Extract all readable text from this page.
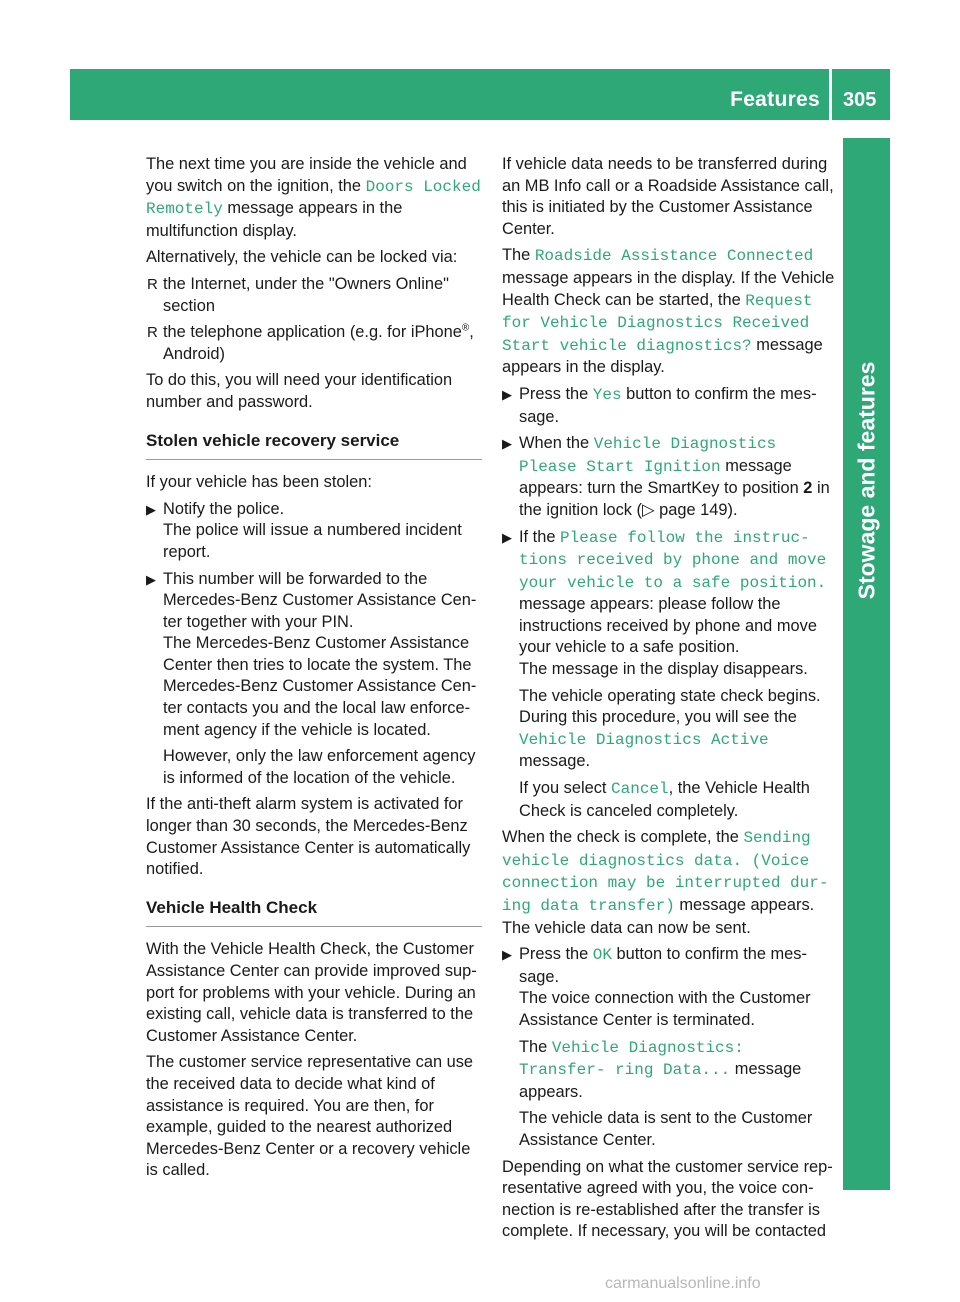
Features 305
Stowage and features

The next time you are inside the vehicle and you switch on the ignition, the Doors Locked Remotely message appears in the multifunction display.

Alternatively, the vehicle can be locked via:

R the Internet, under the "Owners Online" section
R the telephone application (e.g. for iPhone®, Android)

To do this, you will need your identification number and password.

Stolen vehicle recovery service

If your vehicle has been stolen:

▶ Notify the police.
The police will issue a numbered incident report.
▶ This number will be forwarded to the Mercedes-Benz Customer Assistance Cen- ter together with your PIN.
The Mercedes-Benz Customer Assistance Center then tries to locate the system. The Mercedes-Benz Customer Assistance Cen- ter contacts you and the local law enforce- ment agency if the vehicle is located.

However, only the law enforcement agency is informed of the location of the vehicle.

If the anti-theft alarm system is activated for longer than 30 seconds, the Mercedes-Benz Customer Assistance Center is automatically notified.

Vehicle Health Check

With the Vehicle Health Check, the Customer Assistance Center can provide improved sup- port for problems with your vehicle. During an existing call, vehicle data is transferred to the Customer Assistance Center.

The customer service representative can use the received data to decide what kind of assistance is required. You are then, for example, guided to the nearest authorized Mercedes-Benz Center or a recovery vehicle is called.

If vehicle data needs to be transferred during an MB Info call or a Roadside Assistance call, this is initiated by the Customer Assistance Center.

The Roadside Assistance Connected message appears in the display. If the Vehicle Health Check can be started, the Request for Vehicle Diagnostics Received Start vehicle diagnostics? message appears in the display.

▶ Press the Yes button to confirm the mes- sage.
▶ When the Vehicle Diagnostics Please Start Ignition message appears: turn the SmartKey to position 2 in the ignition lock (▷ page 149).
▶ If the Please follow the instruc- tions received by phone and move your vehicle to a safe position. message appears: please follow the instructions received by phone and move your vehicle to a safe position.
The message in the display disappears.

The vehicle operating state check begins. During this procedure, you will see the Vehicle Diagnostics Active message.

If you select Cancel, the Vehicle Health Check is canceled completely.

When the check is complete, the Sending vehicle diagnostics data. (Voice connection may be interrupted dur- ing data transfer) message appears. The vehicle data can now be sent.

▶ Press the OK button to confirm the mes- sage.
The voice connection with the Customer Assistance Center is terminated.

The Vehicle Diagnostics: Transfer- ring Data... message appears.

The vehicle data is sent to the Customer Assistance Center.

Depending on what the customer service rep- resentative agreed with you, the voice con- nection is re-established after the transfer is complete. If necessary, you will be contacted

carmanualsonline.info
